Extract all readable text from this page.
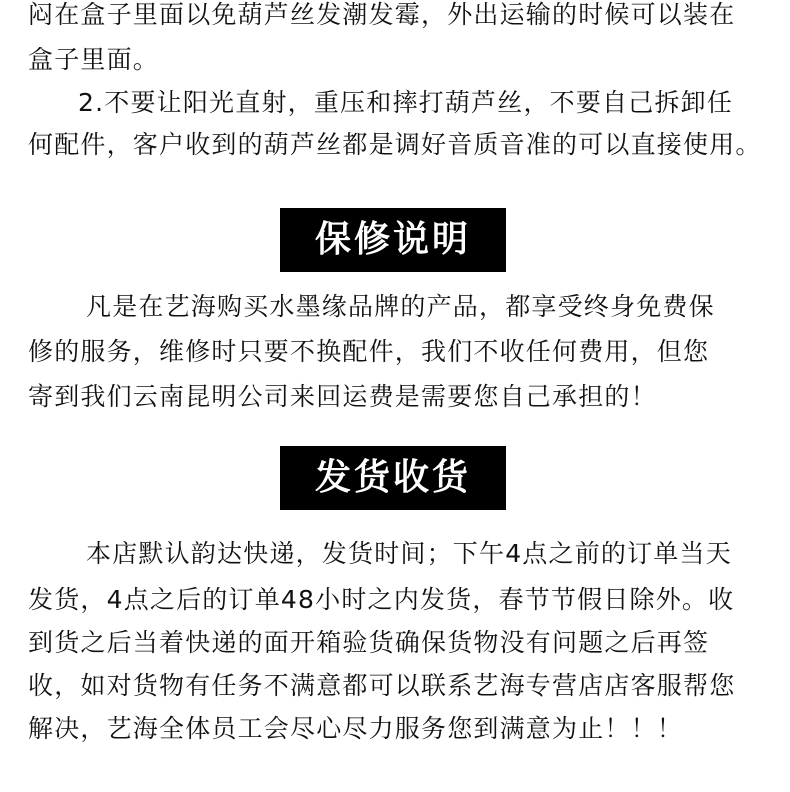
闷在盒子里面以免葫芦丝发潮发霉，外出运输的时候可以装在
盒子里面。
2.不要让阳光直射，重压和摔打葫芦丝，不要自己拆卸任
何配件，客户收到的葫芦丝都是调好音质音准的可以直接使用。
保修说明
凡是在艺海购买水墨缘品牌的产品，都享受终身免费保
修的服务，维修时只要不换配件，我们不收任何费用，但您
寄到我们云南昆明公司来回运费是需要您自己承担的！
发货收货
本店默认韵达快递，发货时间；下午4点之前的订单当天
发货，4点之后的订单48小时之内发货，春节节假日除外。收
到货之后当着快递的面开箱验货确保货物没有问题之后再签
收，如对货物有任务不满意都可以联系艺海专营店店客服帮您
解决，艺海全体员工会尽心尽力服务您到满意为止！！！
